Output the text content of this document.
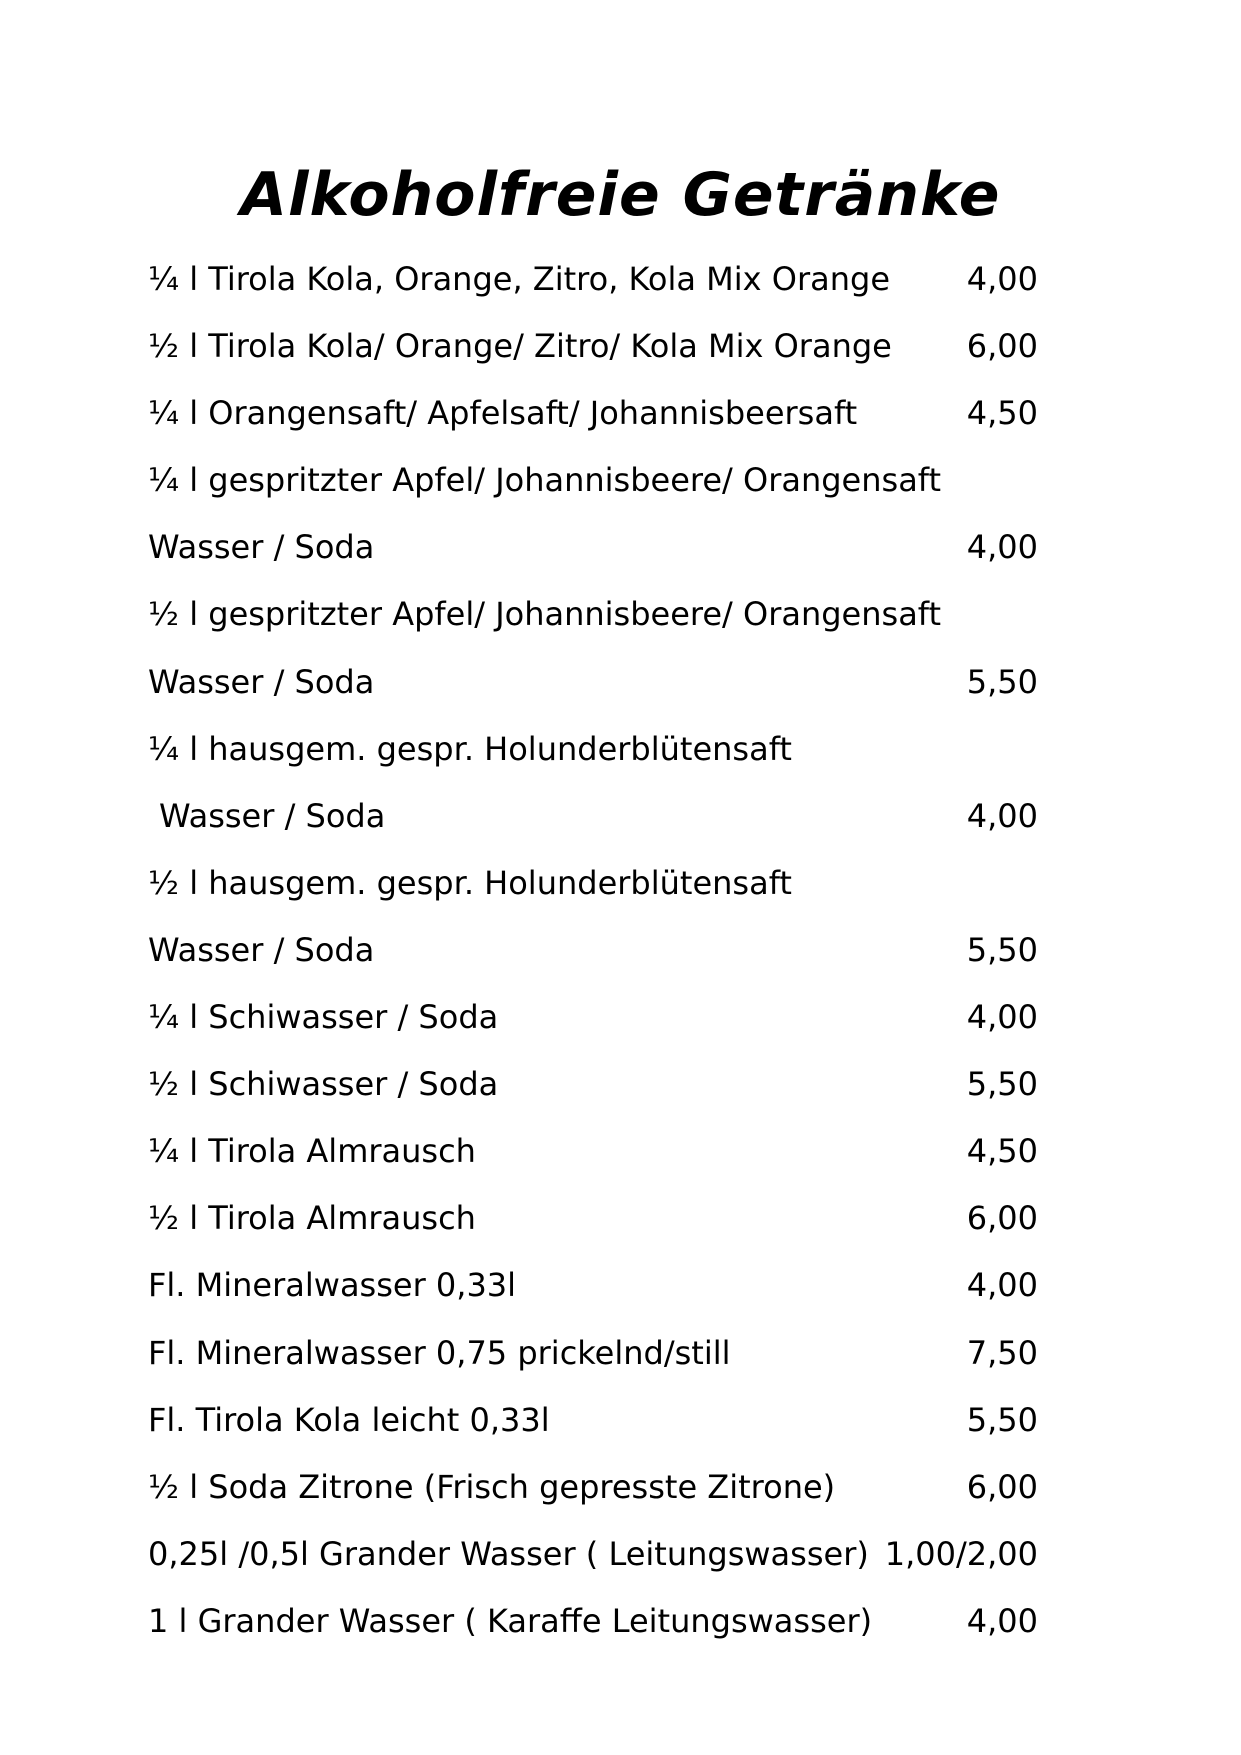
Alkoholfreie Getränke
¼ l Tirola Kola, Orange, Zitro, Kola Mix Orange 4,00
½ l Tirola Kola/ Orange/ Zitro/ Kola Mix Orange 6,00
¼ l Orangensaft/ Apfelsaft/ Johannisbeersaft	4,50
¼ l gespritzter Apfel/ Johannisbeere/ Orangensaft
Wasser / Soda	4,00
½ l gespritzter Apfel/ Johannisbeere/ Orangensaft
Wasser / Soda	5,50
¼ l hausgem. gespr. Holunderblütensaft
Wasser / Soda	4,00
½ l hausgem. gespr. Holunderblütensaft
Wasser / Soda	5,50
¼ l Schiwasser / Soda	4,00
½ l Schiwasser / Soda	5,50
¼ l Tirola Almrausch	4,50
½ l Tirola Almrausch	6,00
Fl. Mineralwasser 0,33l	4,00
Fl. Mineralwasser 0,75 prickelnd/still	7,50
Fl. Tirola Kola leicht 0,33l	5,50
½ l Soda Zitrone (Frisch gepresste Zitrone)	6,00
0,25l /0,5l Grander Wasser ( Leitungswasser) 1,00/2,00
1 l Grander Wasser ( Karaffe Leitungswasser)	4,00
